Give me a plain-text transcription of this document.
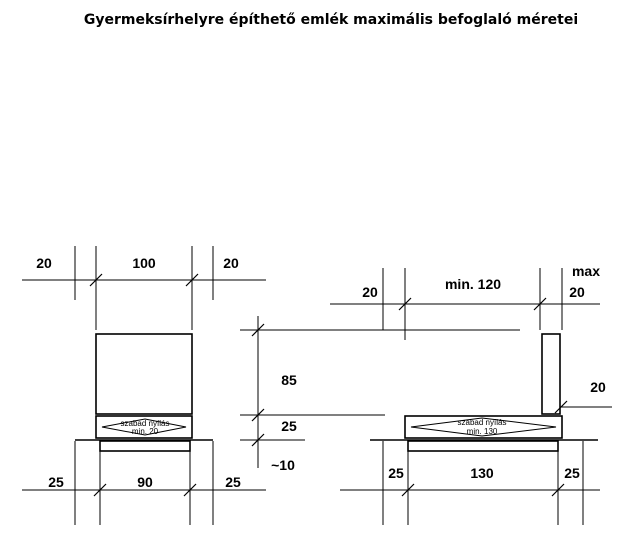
Gyermeksírhelyre építhető emlék maximális befoglaló méretei
20	100	20
szabad nyílás
min. 20
25	90	25
85
25
~10
max
20	min. 120	20
20
szabad nyílás
min. 130
25	130	25
